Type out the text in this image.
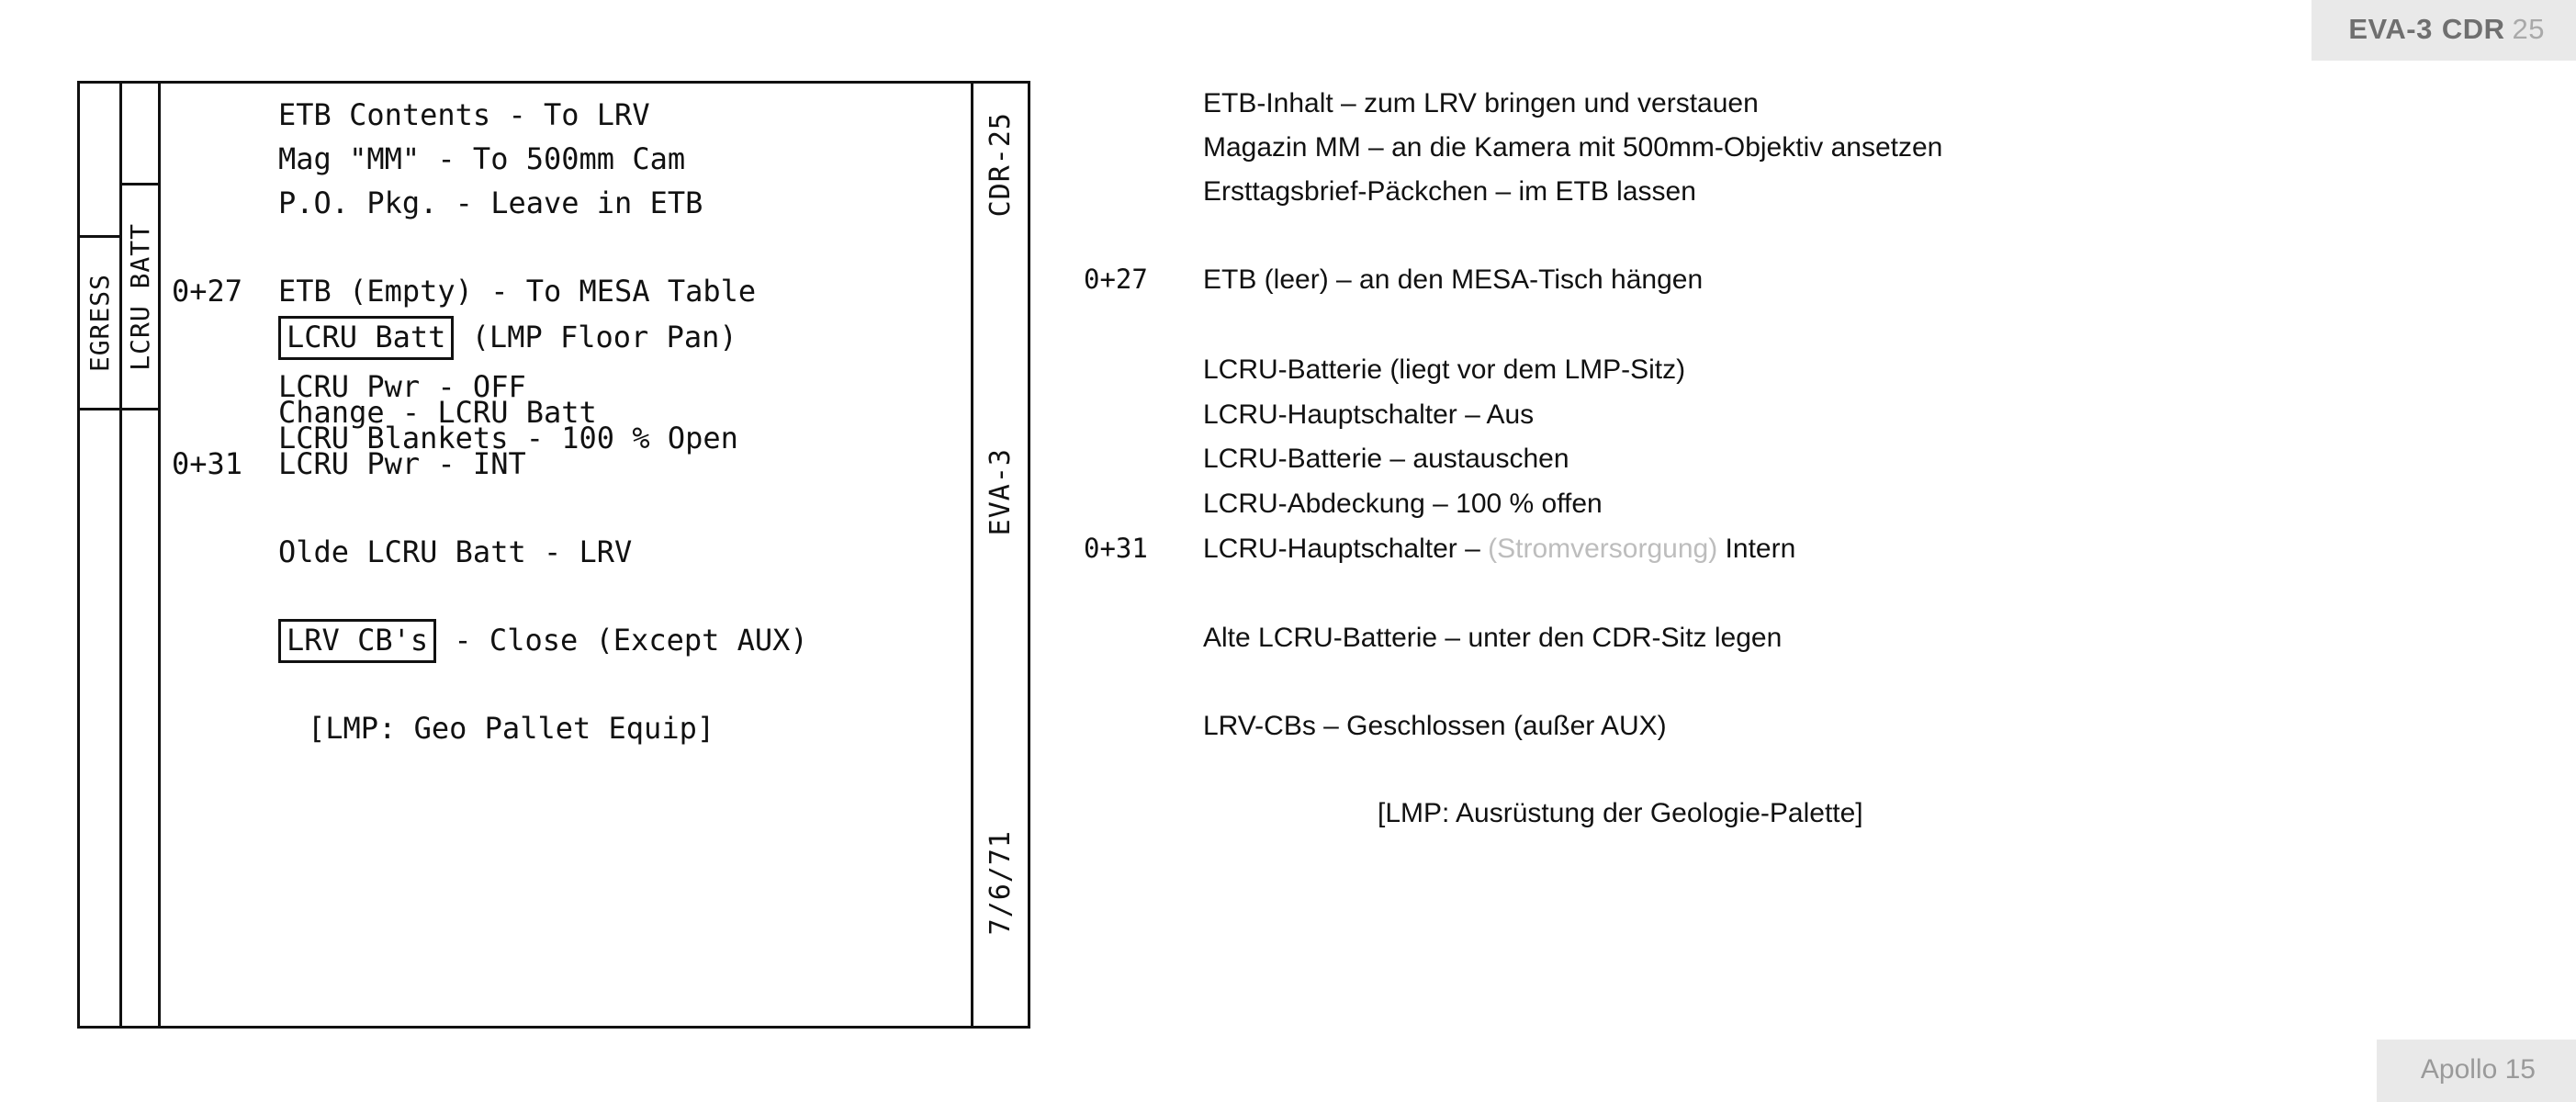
EVA-3 CDR 25
EGRESS LCRU BATT
ETB Contents - To LRV
Mag "MM" - To 500mm Cam
P.O. Pkg. - Leave in ETB
0+27 ETB (Empty) - To MESA Table
LCRU Batt (LMP Floor Pan)
LCRU Pwr - OFF
Change - LCRU Batt
LCRU Blankets - 100 % Open
0+31 LCRU Pwr - INT
Olde LCRU Batt - LRV
LRV CB's - Close (Except AUX)
[LMP: Geo Pallet Equip]
CDR-25
EVA-3
7/6/71
ETB-Inhalt – zum LRV bringen und verstauen
Magazin MM – an die Kamera mit 500mm-Objektiv ansetzen
Ersttagsbrief-Päckchen – im ETB lassen
0+27 ETB (leer) – an den MESA-Tisch hängen
LCRU-Batterie (liegt vor dem LMP-Sitz)
LCRU-Hauptschalter – Aus
LCRU-Batterie – austauschen
LCRU-Abdeckung – 100 % offen
0+31 LCRU-Hauptschalter – (Stromversorgung) Intern
Alte LCRU-Batterie – unter den CDR-Sitz legen
LRV-CBs – Geschlossen (außer AUX)
[LMP: Ausrüstung der Geologie-Palette]
Apollo 15
